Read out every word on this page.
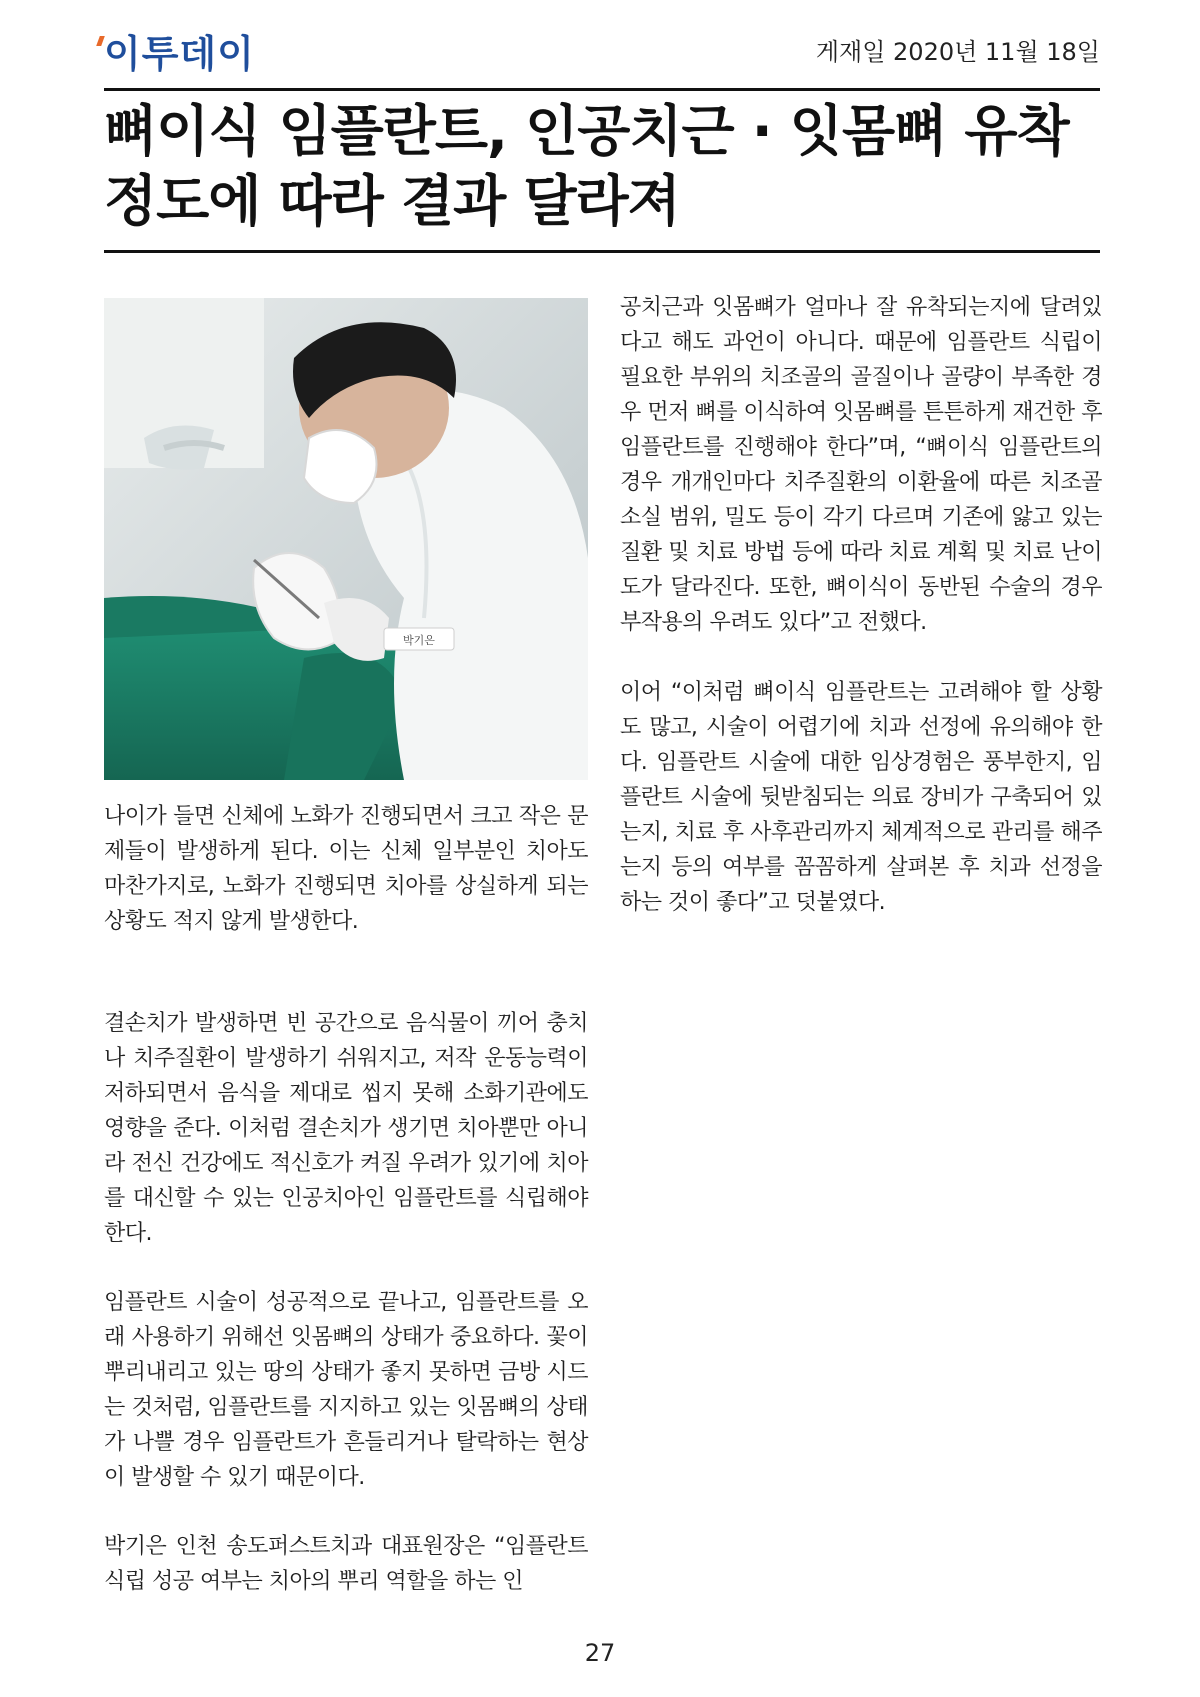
이투데이	게재일 2020년 11월 18일
뼈이식 임플란트, 인공치근 · 잇몸뼈 유착
정도에 따라 결과 달라져
박기은

나이가 들면 신체에 노화가 진행되면서 크고 작은 문제들이 발생하게 된다. 이는 신체 일부분인 치아도 마찬가지로, 노화가 진행되면 치아를 상실하게 되는 상황도 적지 않게 발생한다.

결손치가 발생하면 빈 공간으로 음식물이 끼어 충치나 치주질환이 발생하기 쉬워지고, 저작 운동능력이 저하되면서 음식을 제대로 씹지 못해 소화기관에도 영향을 준다. 이처럼 결손치가 생기면 치아뿐만 아니라 전신 건강에도 적신호가 켜질 우려가 있기에 치아를 대신할 수 있는 인공치아인 임플란트를 식립해야 한다.

임플란트 시술이 성공적으로 끝나고, 임플란트를 오래 사용하기 위해선 잇몸뼈의 상태가 중요하다. 꽃이 뿌리내리고 있는 땅의 상태가 좋지 못하면 금방 시드는 것처럼, 임플란트를 지지하고 있는 잇몸뼈의 상태가 나쁠 경우 임플란트가 흔들리거나 탈락하는 현상이 발생할 수 있기 때문이다.

박기은 인천 송도퍼스트치과 대표원장은 “임플란트 식립 성공 여부는 치아의 뿌리 역할을 하는 인

공치근과 잇몸뼈가 얼마나 잘 유착되는지에 달려있다고 해도 과언이 아니다. 때문에 임플란트 식립이 필요한 부위의 치조골의 골질이나 골량이 부족한 경우 먼저 뼈를 이식하여 잇몸뼈를 튼튼하게 재건한 후 임플란트를 진행해야 한다”며, “뼈이식 임플란트의 경우 개개인마다 치주질환의 이환율에 따른 치조골 소실 범위, 밀도 등이 각기 다르며 기존에 앓고 있는 질환 및 치료 방법 등에 따라 치료 계획 및 치료 난이도가 달라진다. 또한, 뼈이식이 동반된 수술의 경우 부작용의 우려도 있다”고 전했다.

이어 “이처럼 뼈이식 임플란트는 고려해야 할 상황도 많고, 시술이 어렵기에 치과 선정에 유의해야 한다. 임플란트 시술에 대한 임상경험은 풍부한지, 임플란트 시술에 뒷받침되는 의료 장비가 구축되어 있는지, 치료 후 사후관리까지 체계적으로 관리를 해주는지 등의 여부를 꼼꼼하게 살펴본 후 치과 선정을 하는 것이 좋다”고 덧붙였다.

27
